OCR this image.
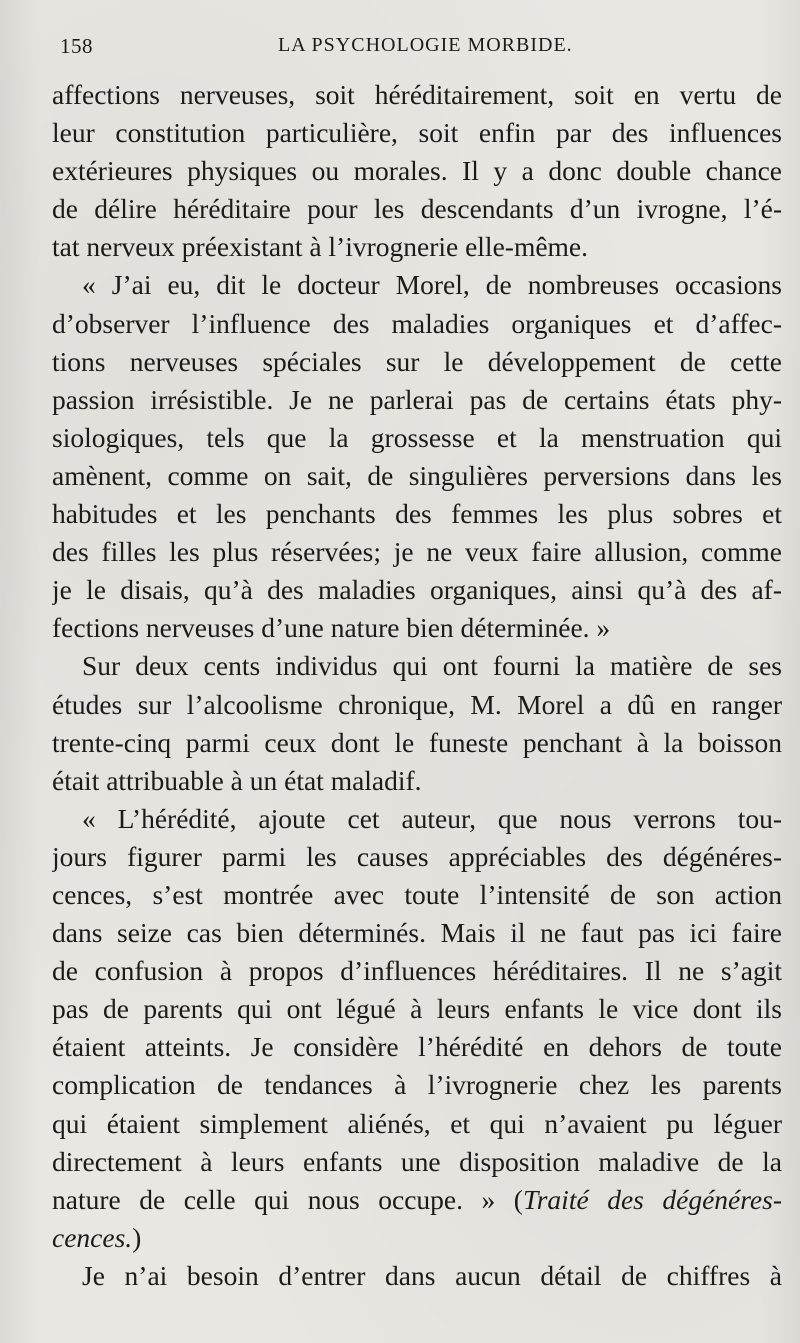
158	LA PSYCHOLOGIE MORBIDE.
affections nerveuses, soit héréditairement, soit en vertu de
leur constitution particulière, soit enfin par des influences
extérieures physiques ou morales. Il y a donc double chance
de délire héréditaire pour les descendants d’un ivrogne, l’é-
tat nerveux préexistant à l’ivrognerie elle-même.
« J’ai eu, dit le docteur Morel, de nombreuses occasions
d’observer l’influence des maladies organiques et d’affec-
tions nerveuses spéciales sur le développement de cette
passion irrésistible. Je ne parlerai pas de certains états phy-
siologiques, tels que la grossesse et la menstruation qui
amènent, comme on sait, de singulières perversions dans les
habitudes et les penchants des femmes les plus sobres et
des filles les plus réservées; je ne veux faire allusion, comme
je le disais, qu’à des maladies organiques, ainsi qu’à des af-
fections nerveuses d’une nature bien déterminée. »
Sur deux cents individus qui ont fourni la matière de ses
études sur l’alcoolisme chronique, M. Morel a dû en ranger
trente-cinq parmi ceux dont le funeste penchant à la boisson
était attribuable à un état maladif.
« L’hérédité, ajoute cet auteur, que nous verrons tou-
jours figurer parmi les causes appréciables des dégénéres-
cences, s’est montrée avec toute l’intensité de son action
dans seize cas bien déterminés. Mais il ne faut pas ici faire
de confusion à propos d’influences héréditaires. Il ne s’agit
pas de parents qui ont légué à leurs enfants le vice dont ils
étaient atteints. Je considère l’hérédité en dehors de toute
complication de tendances à l’ivrognerie chez les parents
qui étaient simplement aliénés, et qui n’avaient pu léguer
directement à leurs enfants une disposition maladive de la
nature de celle qui nous occupe. » (Traité des dégénéres-
cences.)
Je n’ai besoin d’entrer dans aucun détail de chiffres à
